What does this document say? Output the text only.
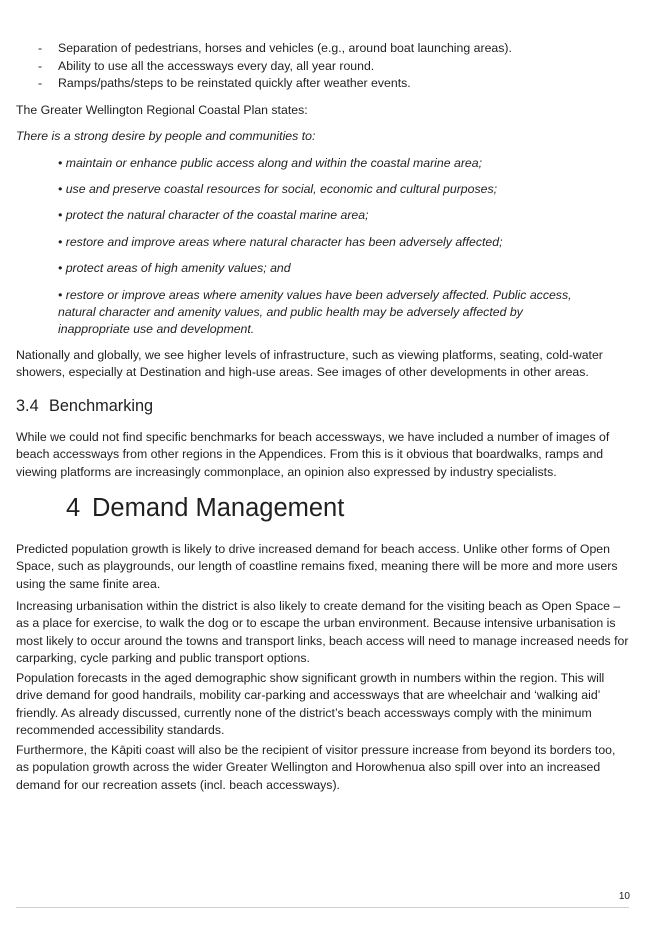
- Separation of pedestrians, horses and vehicles (e.g., around boat launching areas).
- Ability to use all the accessways every day, all year round.
- Ramps/paths/steps to be reinstated quickly after weather events.

The Greater Wellington Regional Coastal Plan states:

There is a strong desire by people and communities to:

• maintain or enhance public access along and within the coastal marine area;

• use and preserve coastal resources for social, economic and cultural purposes;

• protect the natural character of the coastal marine area;

• restore and improve areas where natural character has been adversely affected;

• protect areas of high amenity values; and

• restore or improve areas where amenity values have been adversely affected. Public access, natural character and amenity values, and public health may be adversely affected by inappropriate use and development.

Nationally and globally, we see higher levels of infrastructure, such as viewing platforms, seating, cold-water showers, especially at Destination and high-use areas. See images of other developments in other areas.

3.4 Benchmarking

While we could not find specific benchmarks for beach accessways, we have included a number of images of beach accessways from other regions in the Appendices. From this is it obvious that boardwalks, ramps and viewing platforms are increasingly commonplace, an opinion also expressed by industry specialists.

4 Demand Management

Predicted population growth is likely to drive increased demand for beach access. Unlike other forms of Open Space, such as playgrounds, our length of coastline remains fixed, meaning there will be more and more users using the same finite area.

Increasing urbanisation within the district is also likely to create demand for the visiting beach as Open Space – as a place for exercise, to walk the dog or to escape the urban environment. Because intensive urbanisation is most likely to occur around the towns and transport links, beach access will need to manage increased needs for carparking, cycle parking and public transport options.

Population forecasts in the aged demographic show significant growth in numbers within the region. This will drive demand for good handrails, mobility car-parking and accessways that are wheelchair and ‘walking aid’ friendly. As already discussed, currently none of the district’s beach accessways comply with the minimum recommended accessibility standards.

Furthermore, the Kāpiti coast will also be the recipient of visitor pressure increase from beyond its borders too, as population growth across the wider Greater Wellington and Horowhenua also spill over into an increased demand for our recreation assets (incl. beach accessways).

10
